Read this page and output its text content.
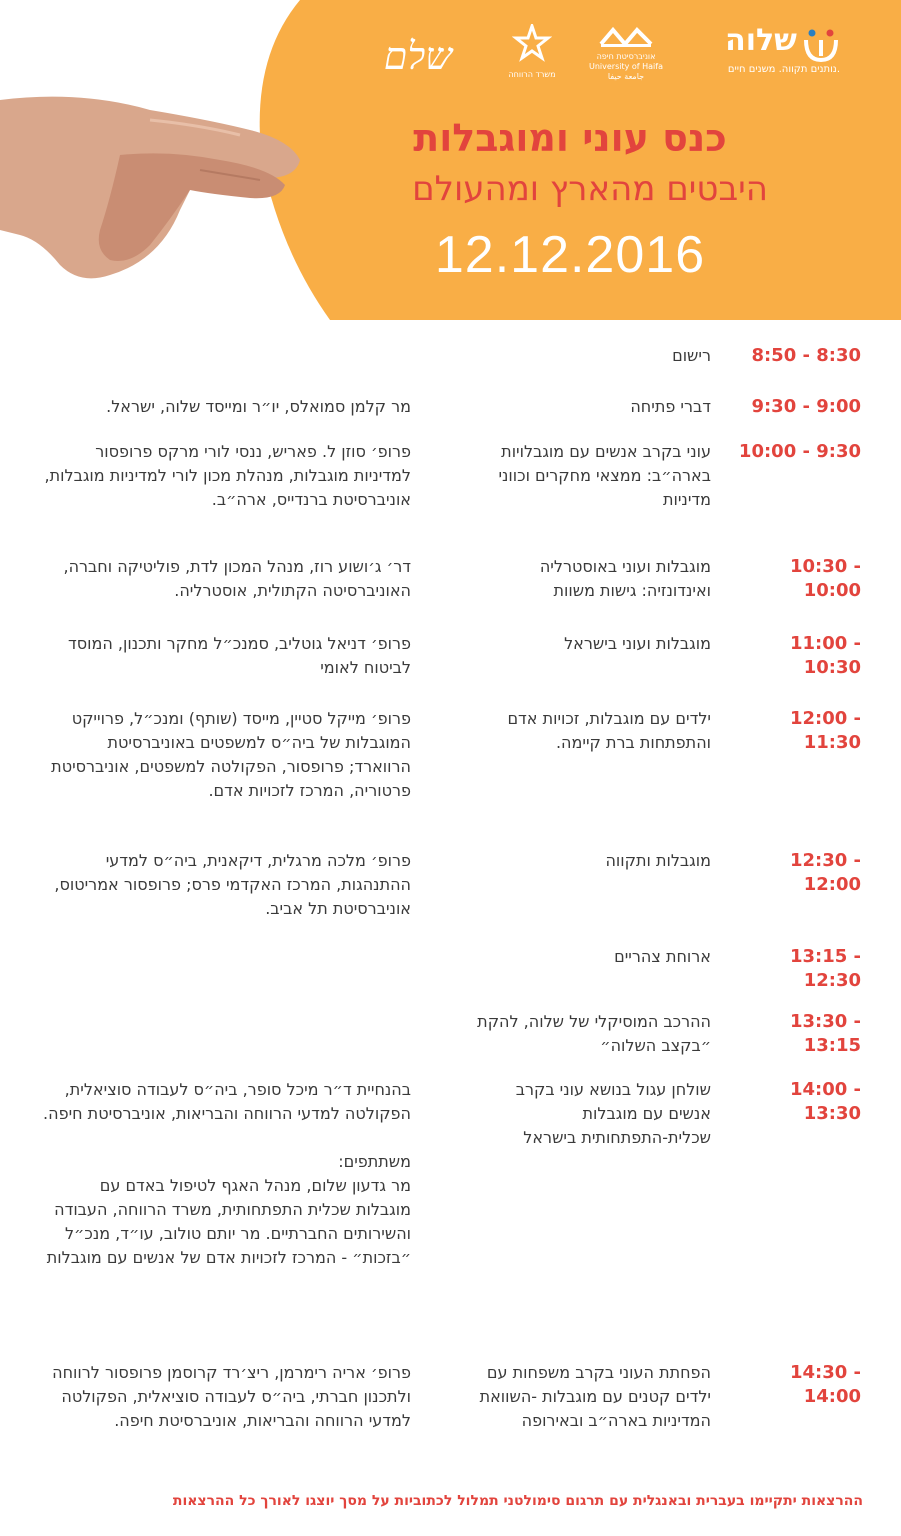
שלם	משרד הרווחה
אוניברסיטת חיפה
University of Haifa
جامعة حيفا
שלוה
נותנים תקווה. משנים חיים.
כנס עוני ומוגבלות
היבטים מהארץ ומהעולם
12.12.2016
8:50 - 8:30
רישום
9:30 - 9:00
דברי פתיחה
מר קלמן סמואלס, יו״ר ומייסד שלוה, ישראל.
10:00 - 9:30
עוני בקרב אנשים עם מוגבלויות בארה״ב: ממצאי מחקרים וכווני מדיניות
פרופ׳ סוזן ל. פאריש, ננסי לורי מרקס פרופסור למדיניות מוגבלות, מנהלת מכון לורי למדיניות מוגבלות, אוניברסיטת ברנדייס, ארה״ב.
10:30 - 10:00
מוגבלות ועוני באוסטרליה ואינדונזיה: גישות משוות
דר׳ ג׳ושוע רוז, מנהל המכון לדת, פוליטיקה וחברה, האוניברסיטה הקתולית, אוסטרליה.
11:00 - 10:30
מוגבלות ועוני בישראל
פרופ׳ דניאל גוטליב, סמנכ״ל מחקר ותכנון, המוסד לביטוח לאומי
12:00 - 11:30
ילדים עם מוגבלות, זכויות אדם והתפתחות ברת קיימה.
פרופ׳ מייקל סטיין, מייסד (שותף) ומנכ״ל, פרוייקט המוגבלות של ביה״ס למשפטים באוניברסיטת הרווארד; פרופסור, הפקולטה למשפטים, אוניברסיטת פרטוריה, המרכז לזכויות אדם.
12:30 - 12:00
מוגבלות ותקווה
פרופ׳ מלכה מרגלית, דיקאנית, ביה״ס למדעי ההתנהגות, המרכז האקדמי פרס; פרופסור אמריטוס, אוניברסיטת תל אביב.
13:15 - 12:30
ארוחת צהריים
13:30 - 13:15
ההרכב המוסיקלי של שלוה, להקת ״בקצב השלוה״
14:00 - 13:30
שולחן עגול בנושא עוני בקרב אנשים עם מוגבלות שכלית-התפתחותית בישראל
בהנחיית ד״ר מיכל סופר, ביה״ס לעבודה סוציאלית, הפקולטה למדעי הרווחה והבריאות, אוניברסיטת חיפה.

משתתפים:
מר גדעון שלום, מנהל האגף לטיפול באדם עם מוגבלות שכלית התפתחותית, משרד הרווחה, העבודה והשירותים החברתיים. מר יותם טולוב, עו״ד, מנכ״ל ״בזכות״ - המרכז לזכויות אדם של אנשים עם מוגבלות
14:30 - 14:00
הפחתת העוני בקרב משפחות עם ילדים קטנים עם מוגבלות -השוואת המדיניות בארה״ב ובאירופה
פרופ׳ אריה רימרמן, ריצ׳רד קרוסמן פרופסור לרווחה ולתכנון חברתי, ביה״ס לעבודה סוציאלית, הפקולטה למדעי הרווחה והבריאות, אוניברסיטת חיפה.
ההרצאות יתקיימו בעברית ובאנגלית עם תרגום סימולטני תמלול לכתוביות על מסך יוצגו לאורך כל ההרצאות
